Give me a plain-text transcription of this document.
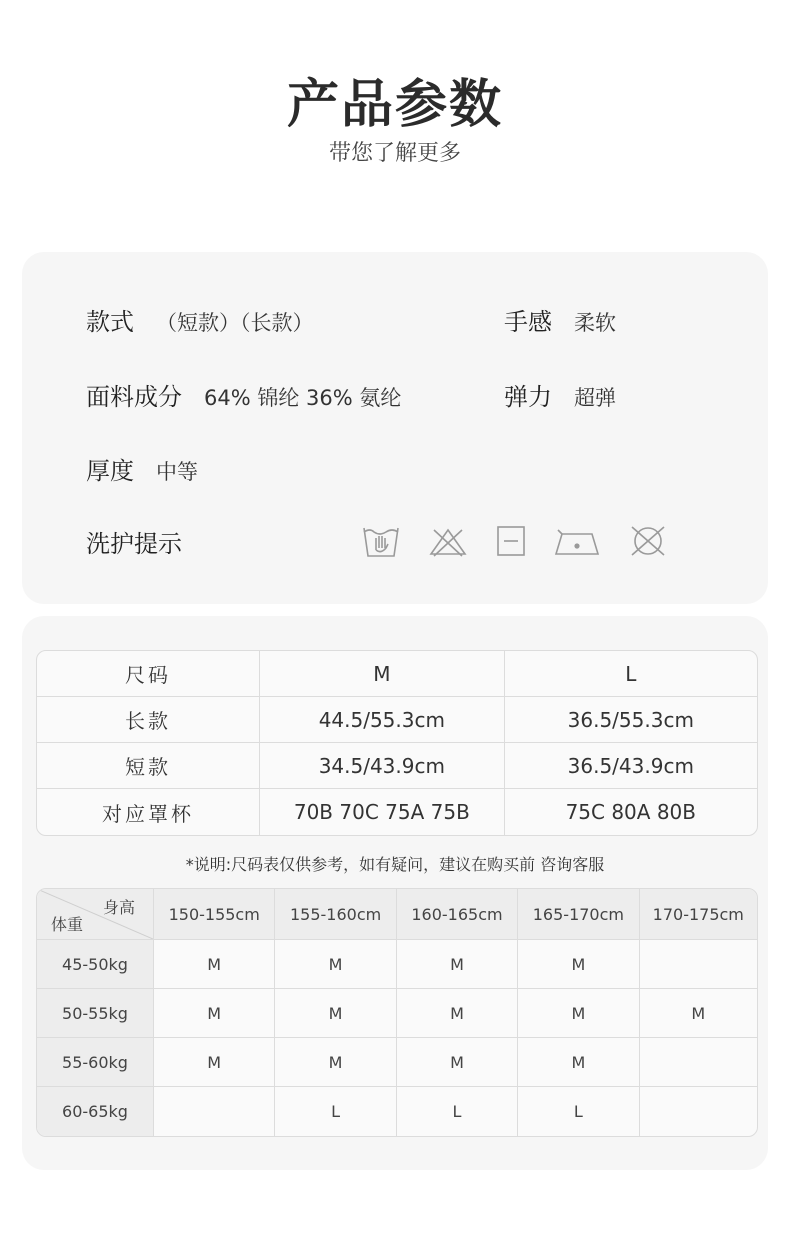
产品参数
带您了解更多
款式 （短款）（长款）	手感 柔软
面料成分 64% 锦纶 36% 氨纶	弹力 超弹
厚度 中等
洗护提示
尺码	M	L
长款	44.5/55.3cm	36.5/55.3cm
短款	34.5/43.9cm	36.5/43.9cm
对应罩杯	70B 70C 75A 75B	75C 80A 80B
*说明:尺码表仅供参考，如有疑问，建议在购买前 咨询客服
身高
体重	150-155cm	155-160cm	160-165cm	165-170cm	170-175cm
45-50kg	M	M	M	M	
50-55kg	M	M	M	M	M
55-60kg	M	M	M	M	
60-65kg		L	L	L	
